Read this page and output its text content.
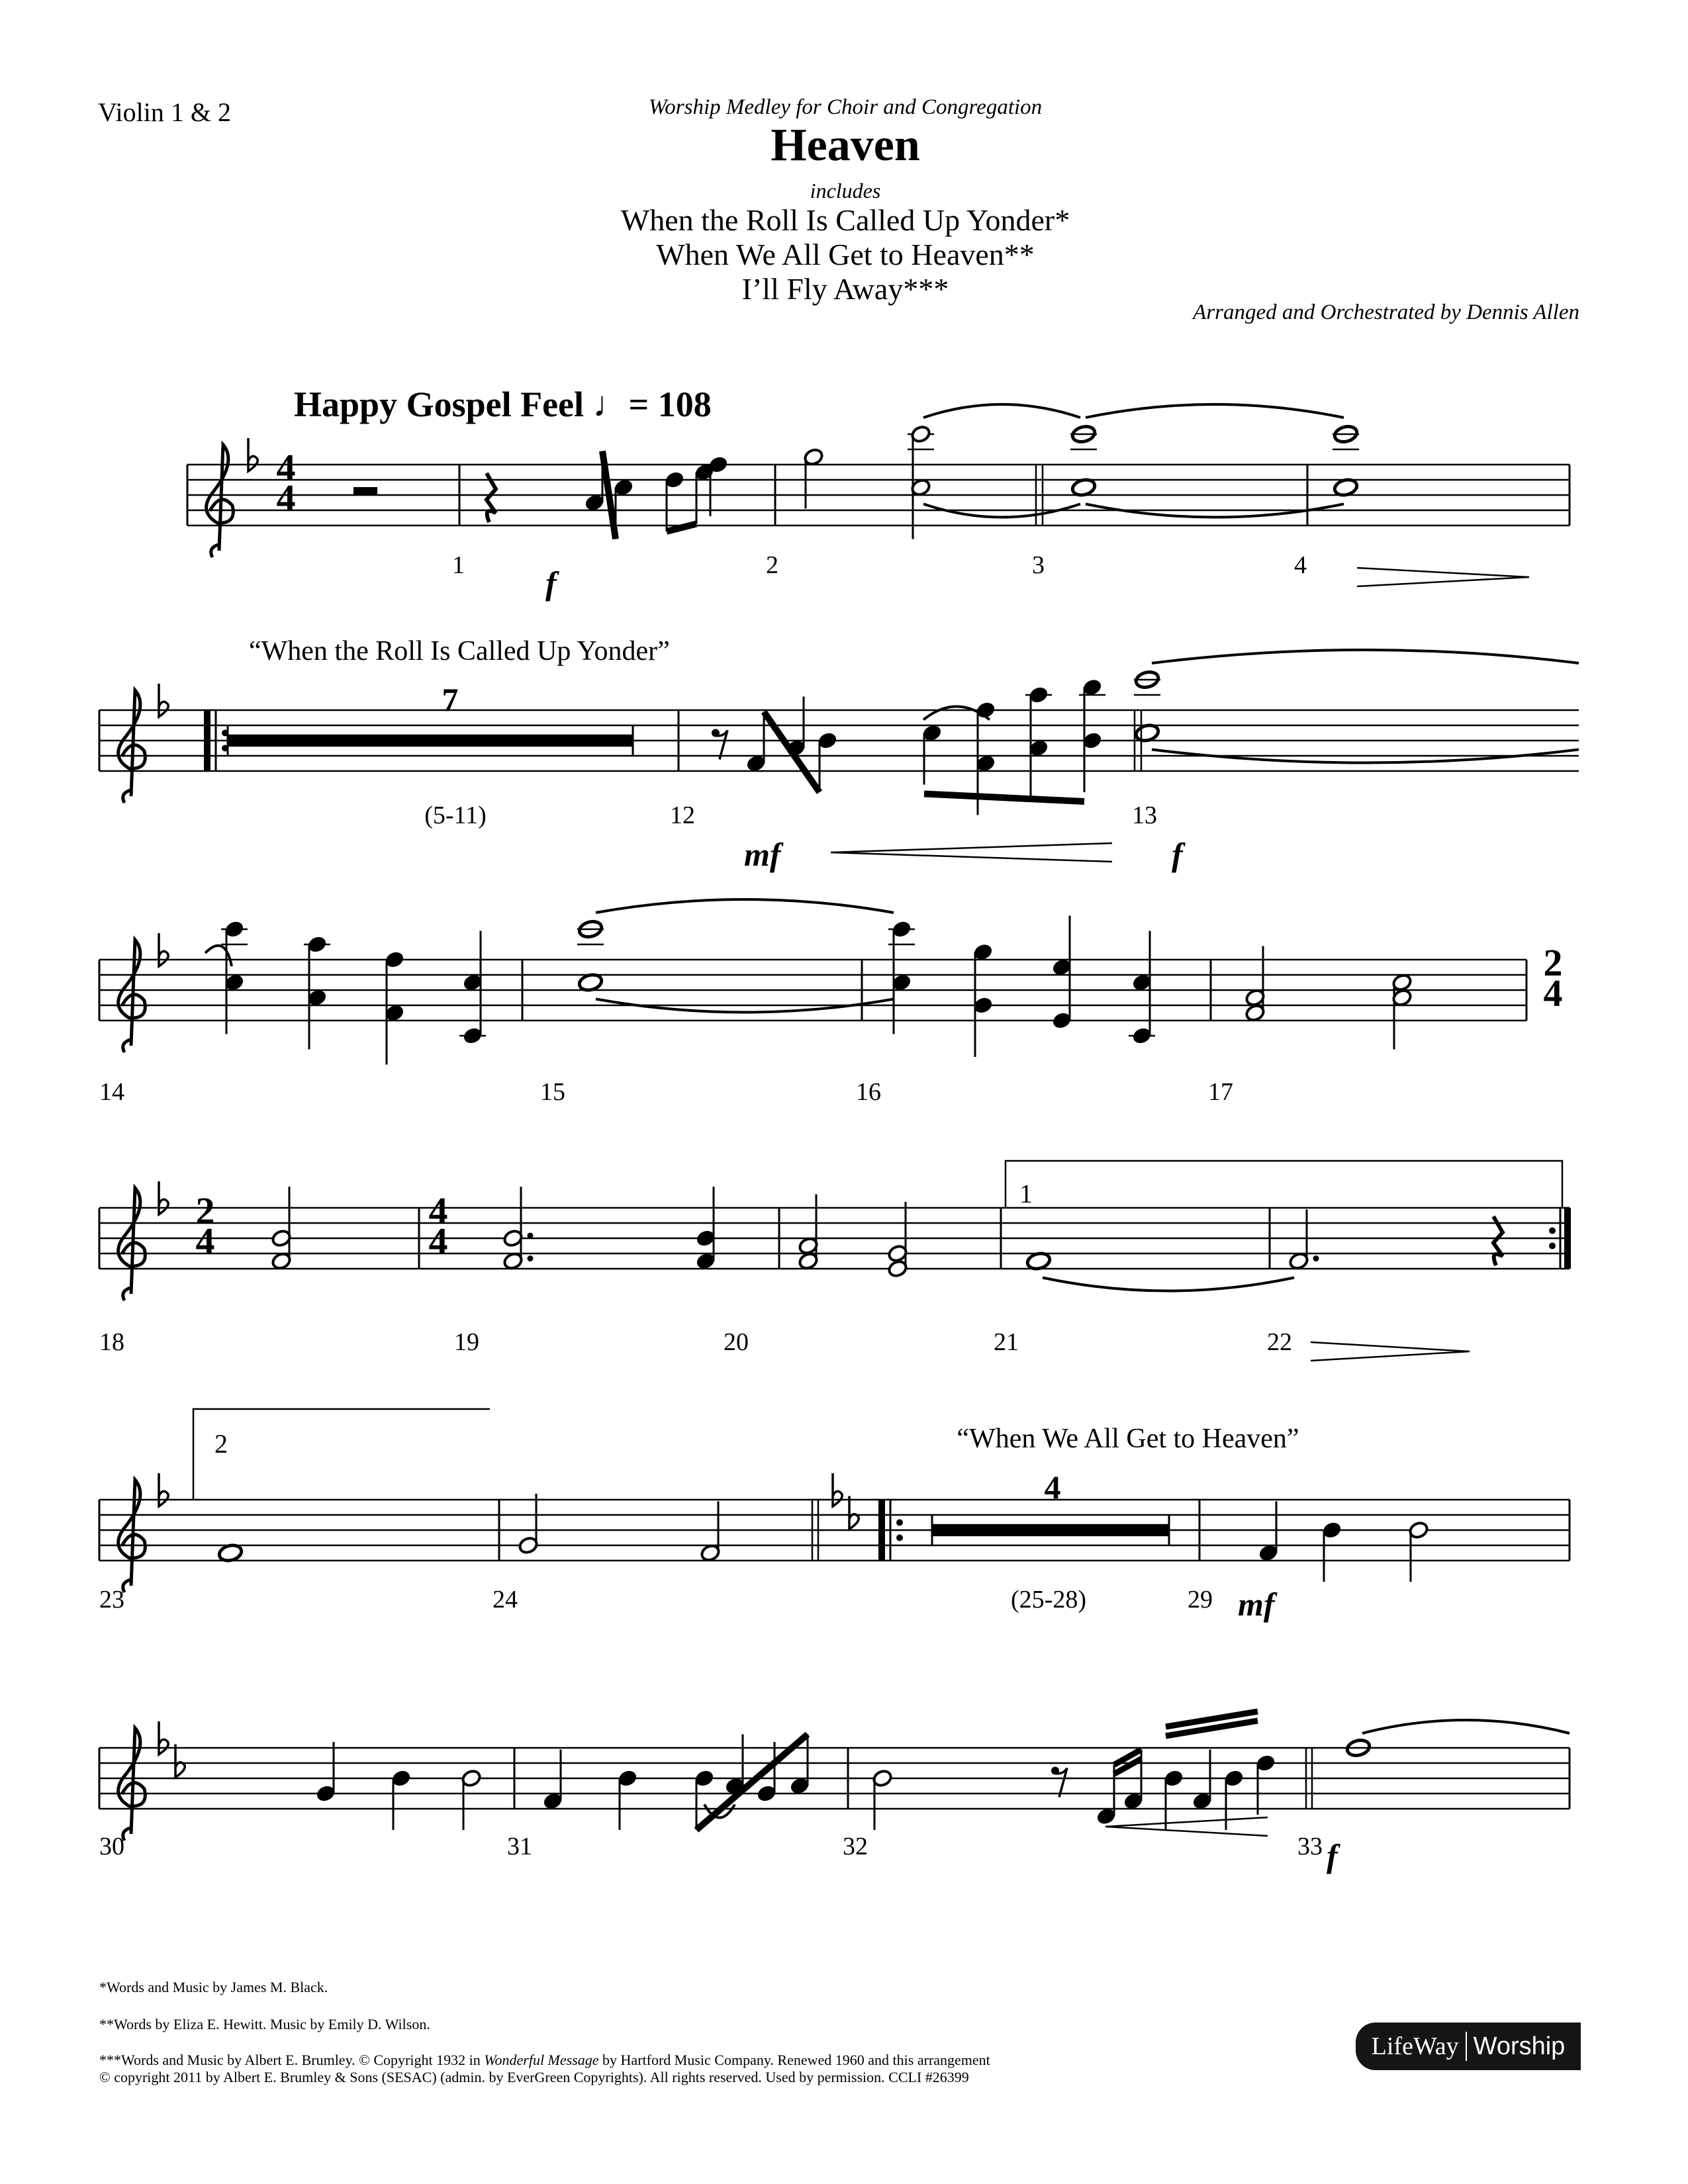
Violin 1 & 2	Worship Medley for Choir and Congregation
Heaven
includes
When the Roll Is Called Up Yonder*
When We All Get to Heaven**
I’ll Fly Away***
Arranged and Orchestrated by Dennis Allen
Happy Gospel Feel ♩= 108
“When the Roll Is Called Up Yonder”
“When We All Get to Heaven”
7
(5-11)
4
(25-28)
1
2
4
4
2
4
2
4
4
4
1	2	3	4
12	13
14	15	16	17
18	19	20	21	22
23	24	29
30	31	32	33
f
mf	f
mf
f
*Words and Music by James M. Black.
**Words by Eliza E. Hewitt. Music by Emily D. Wilson.
***Words and Music by Albert E. Brumley. © Copyright 1932 in Wonderful Message by Hartford Music Company. Renewed 1960 and this arrangement
© copyright 2011 by Albert E. Brumley & Sons (SESAC) (admin. by EverGreen Copyrights). All rights reserved. Used by permission. CCLI #26399
LifeWay Worship
